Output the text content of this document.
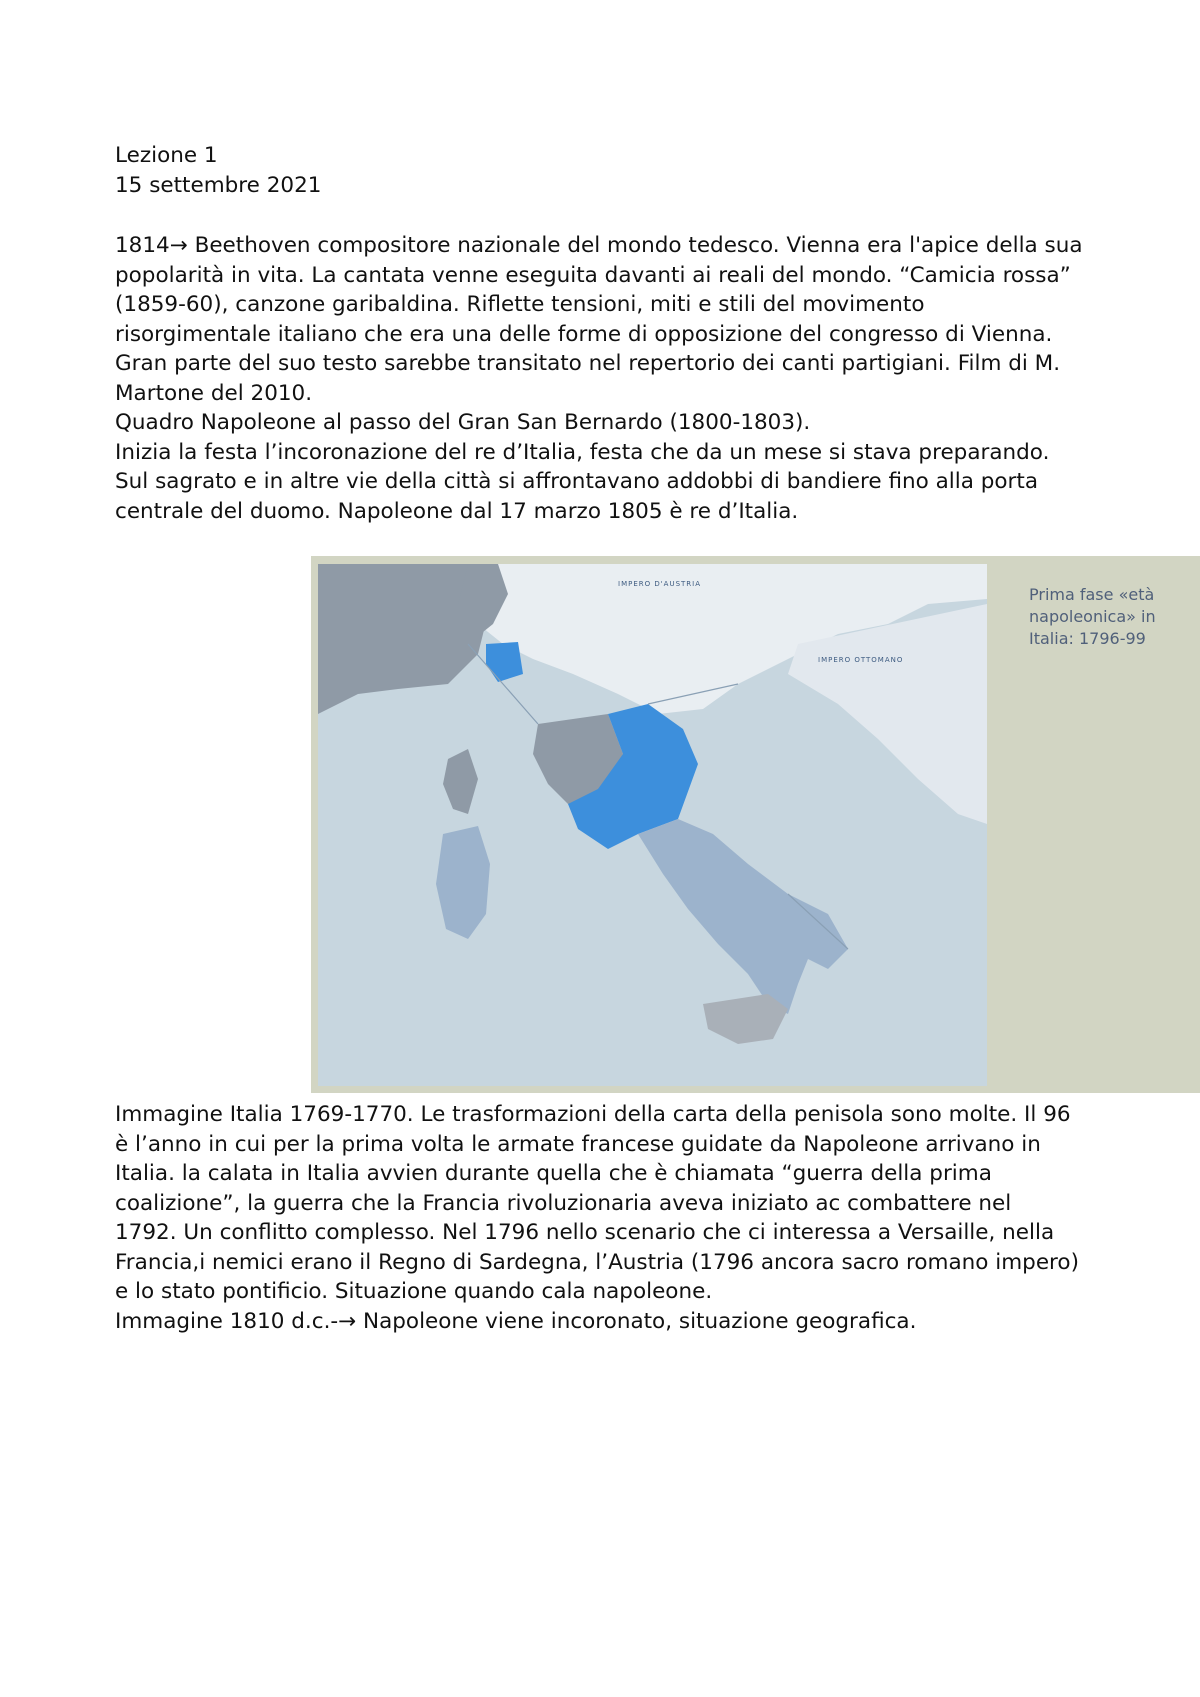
Lezione 1

15 settembre 2021

1814→ Beethoven compositore nazionale del mondo tedesco. Vienna era l'apice della sua

popolarità in vita. La cantata venne eseguita davanti ai reali del mondo. “Camicia rossa”

(1859-60), canzone garibaldina. Riflette tensioni, miti e stili del movimento

risorgimentale italiano che era una delle forme di opposizione del congresso di Vienna.

Gran parte del suo testo sarebbe transitato nel repertorio dei canti partigiani. Film di M.

Martone del 2010.

Quadro Napoleone al passo del Gran San Bernardo (1800-1803).

Inizia la festa l’incoronazione del re d’Italia, festa che da un mese si stava preparando.

Sul sagrato e in altre vie della città si affrontavano addobbi di bandiere fino alla porta

centrale del duomo. Napoleone dal 17 marzo 1805 è re d’Italia.

IMPERO D'AUSTRIA
IMPERO OTTOMANO

Prima fase «età

napoleonica» in

Italia: 1796-99

Immagine Italia 1769-1770. Le trasformazioni della carta della penisola sono molte. Il 96

è l’anno in cui per la prima volta le armate francese guidate da Napoleone arrivano in

Italia. la calata in Italia avvien durante quella che è chiamata “guerra della prima

coalizione”, la guerra che la Francia rivoluzionaria aveva iniziato ac combattere nel

1792. Un conflitto complesso. Nel 1796 nello scenario che ci interessa a Versaille, nella

Francia,i nemici erano il Regno di Sardegna, l’Austria (1796 ancora sacro romano impero)

e lo stato pontificio. Situazione quando cala napoleone.

Immagine 1810 d.c.-→ Napoleone viene incoronato, situazione geografica.
